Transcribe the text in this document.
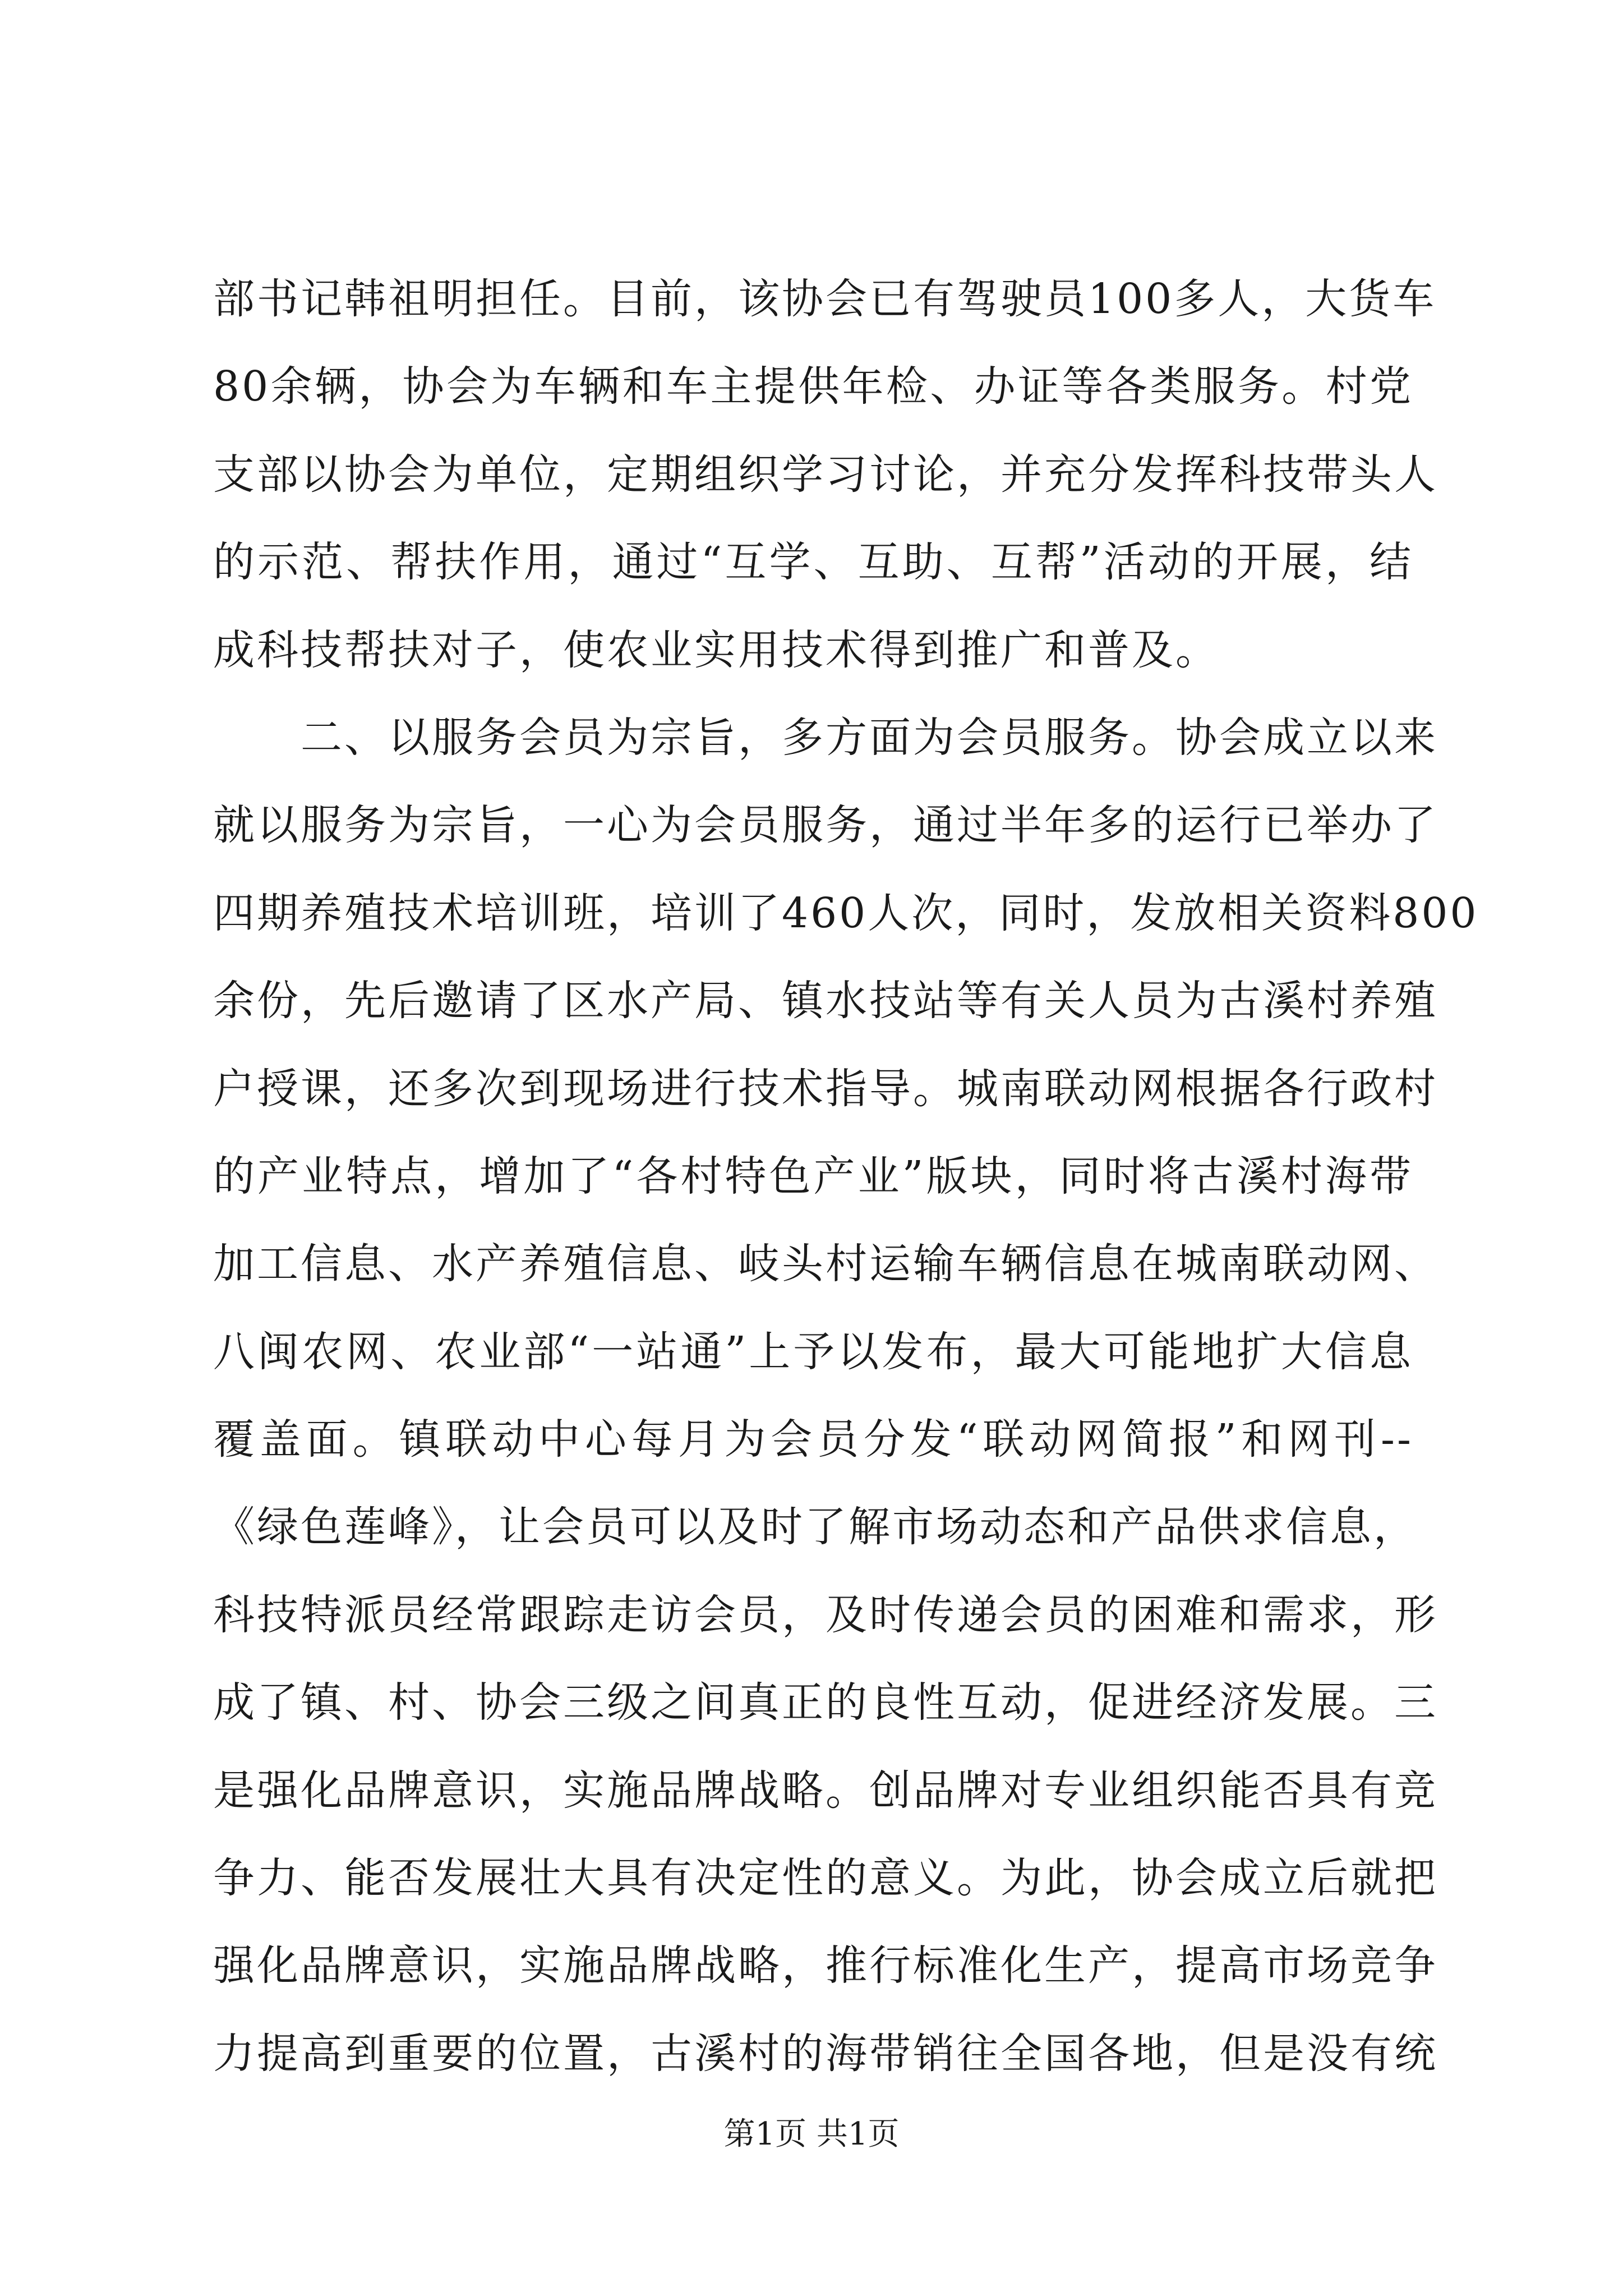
部书记韩祖明担任。目前，该协会已有驾驶员100多人，大货车
80余辆，协会为车辆和车主提供年检、办证等各类服务。村党
支部以协会为单位，定期组织学习讨论，并充分发挥科技带头人
的示范、帮扶作用，通过“互学、互助、互帮”活动的开展，结
成科技帮扶对子，使农业实用技术得到推广和普及。
　　二、以服务会员为宗旨，多方面为会员服务。协会成立以来
就以服务为宗旨，一心为会员服务，通过半年多的运行已举办了
四期养殖技术培训班，培训了460人次，同时，发放相关资料800
余份，先后邀请了区水产局、镇水技站等有关人员为古溪村养殖
户授课，还多次到现场进行技术指导。城南联动网根据各行政村
的产业特点，增加了“各村特色产业”版块，同时将古溪村海带
加工信息、水产养殖信息、岐头村运输车辆信息在城南联动网、
八闽农网、农业部“一站通”上予以发布，最大可能地扩大信息
覆盖面。镇联动中心每月为会员分发“联动网简报”和网刊--
《绿色莲峰》，让会员可以及时了解市场动态和产品供求信息，
科技特派员经常跟踪走访会员，及时传递会员的困难和需求，形
成了镇、村、协会三级之间真正的良性互动，促进经济发展。三
是强化品牌意识，实施品牌战略。创品牌对专业组织能否具有竞
争力、能否发展壮大具有决定性的意义。为此，协会成立后就把
强化品牌意识，实施品牌战略，推行标准化生产，提高市场竞争
力提高到重要的位置，古溪村的海带销往全国各地，但是没有统
第1页 共1页
